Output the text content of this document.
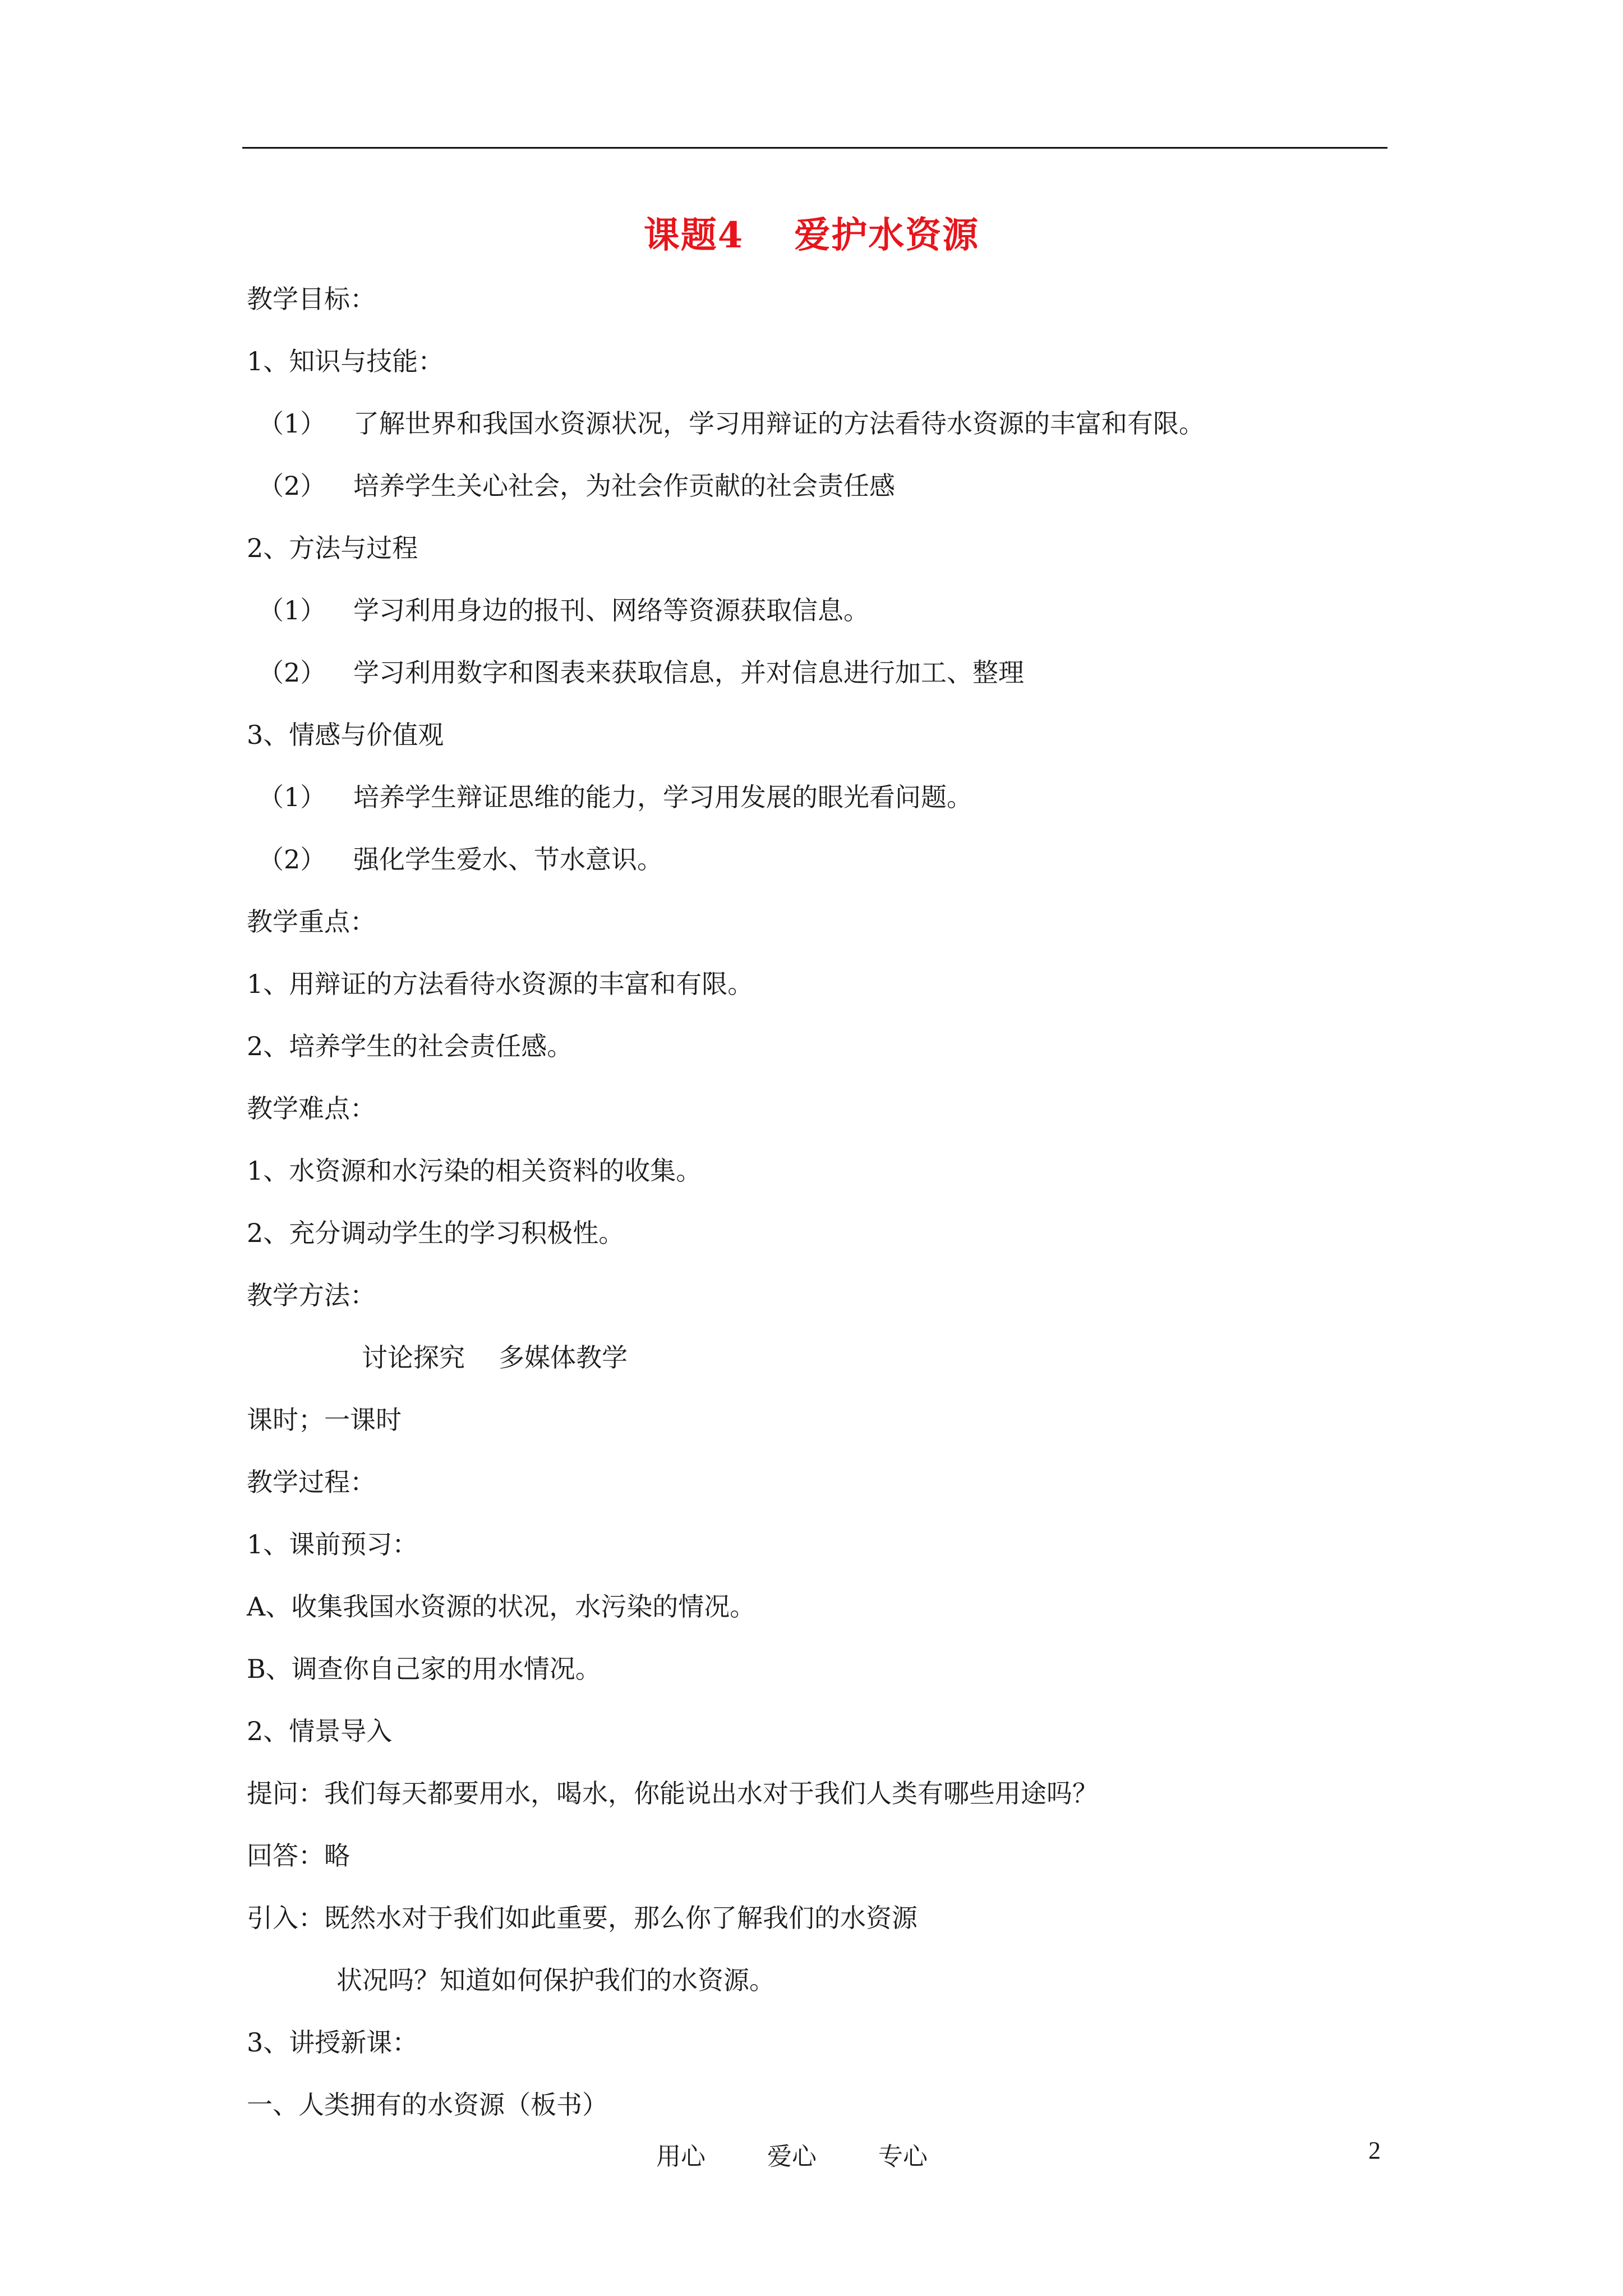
课题4 爱护水资源
教学目标：
1、知识与技能：
（1） 了解世界和我国水资源状况，学习用辩证的方法看待水资源的丰富和有限。
（2） 培养学生关心社会，为社会作贡献的社会责任感
2、方法与过程
（1） 学习利用身边的报刊、网络等资源获取信息。
（2） 学习利用数字和图表来获取信息，并对信息进行加工、整理
3、情感与价值观
（1） 培养学生辩证思维的能力，学习用发展的眼光看问题。
（2） 强化学生爱水、节水意识。
教学重点：
1、用辩证的方法看待水资源的丰富和有限。
2、培养学生的社会责任感。
教学难点：
1、水资源和水污染的相关资料的收集。
2、充分调动学生的学习积极性。
教学方法：
讨论探究 多媒体教学
课时；一课时
教学过程：
1、课前预习：
A、收集我国水资源的状况，水污染的情况。
B、调查你自己家的用水情况。
2、情景导入
提问：我们每天都要用水，喝水，你能说出水对于我们人类有哪些用途吗？
回答：略
引入：既然水对于我们如此重要，那么你了解我们的水资源
状况吗？知道如何保护我们的水资源。
3、讲授新课：
一、人类拥有的水资源（板书）
用心	爱心	专心	2
